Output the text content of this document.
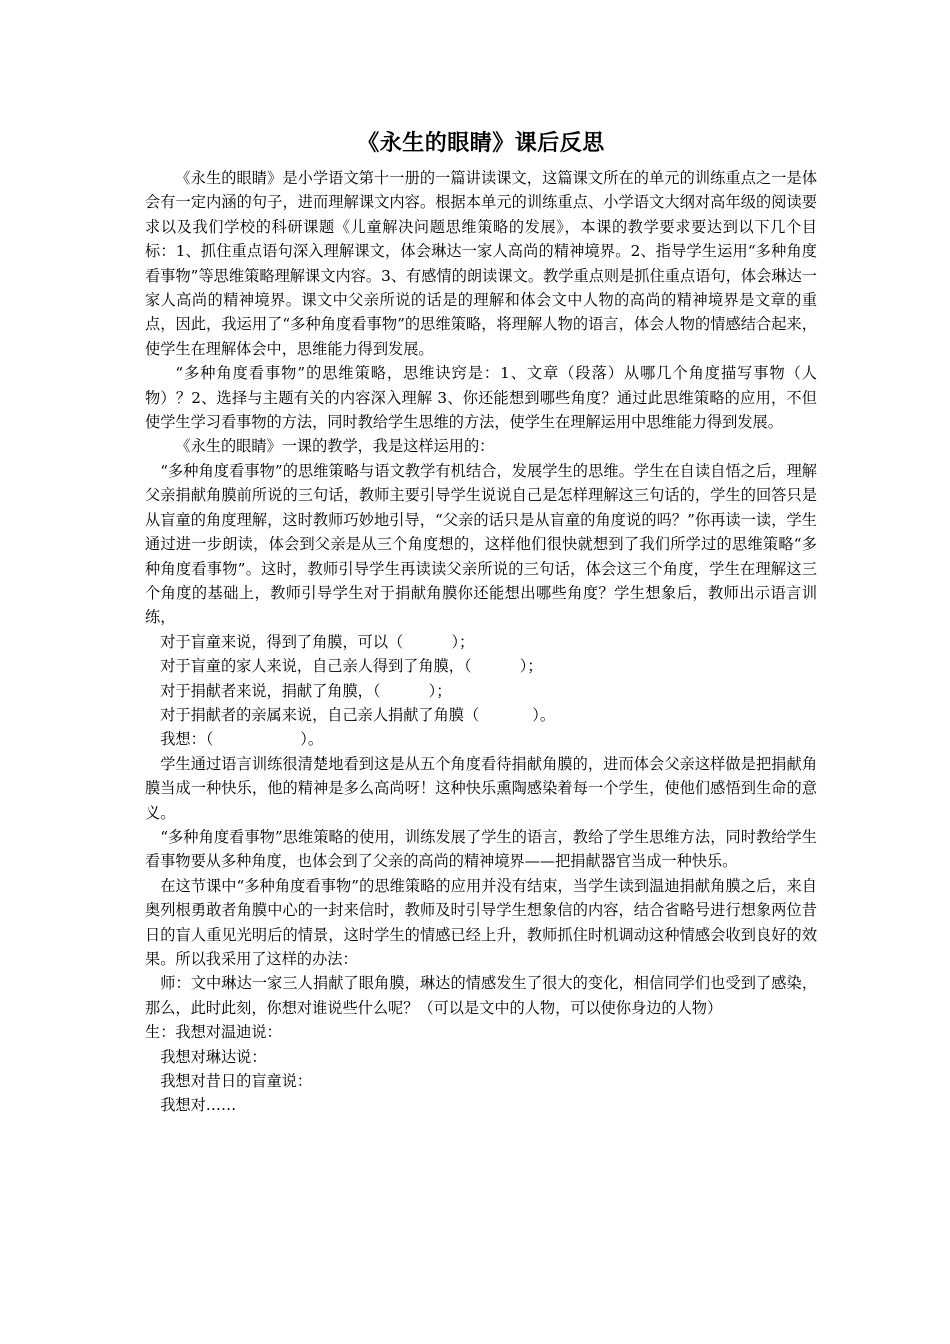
《永生的眼睛》课后反思

《永生的眼睛》是小学语文第十一册的一篇讲读课文，这篇课文所在的单元的训练重点之一是体会有一定内涵的句子，进而理解课文内容。根据本单元的训练重点、小学语文大纲对高年级的阅读要求以及我们学校的科研课题《儿童解决问题思维策略的发展》，本课的教学要求要达到以下几个目标：1、抓住重点语句深入理解课文，体会琳达一家人高尚的精神境界。2、指导学生运用“多种角度看事物”等思维策略理解课文内容。3、有感情的朗读课文。教学重点则是抓住重点语句，体会琳达一家人高尚的精神境界。课文中父亲所说的话是的理解和体会文中人物的高尚的精神境界是文章的重点，因此，我运用了“多种角度看事物”的思维策略，将理解人物的语言，体会人物的情感结合起来，使学生在理解体会中，思维能力得到发展。

“多种角度看事物”的思维策略，思维诀窍是：1、文章（段落）从哪几个角度描写事物（人物）？2、选择与主题有关的内容深入理解 3、你还能想到哪些角度？通过此思维策略的应用，不但使学生学习看事物的方法，同时教给学生思维的方法，使学生在理解运用中思维能力得到发展。

《永生的眼睛》一课的教学，我是这样运用的：

“多种角度看事物”的思维策略与语文教学有机结合，发展学生的思维。学生在自读自悟之后，理解父亲捐献角膜前所说的三句话，教师主要引导学生说说自己是怎样理解这三句话的，学生的回答只是从盲童的角度理解，这时教师巧妙地引导，“父亲的话只是从盲童的角度说的吗？”你再读一读，学生通过进一步朗读，体会到父亲是从三个角度想的，这样他们很快就想到了我们所学过的思维策略“多种角度看事物”。这时，教师引导学生再读读父亲所说的三句话，体会这三个角度，学生在理解这三个角度的基础上，教师引导学生对于捐献角膜你还能想出哪些角度？学生想象后，教师出示语言训练，

对于盲童来说，得到了角膜，可以（          ）；

对于盲童的家人来说，自己亲人得到了角膜，（          ）；

对于捐献者来说，捐献了角膜，（          ）；

对于捐献者的亲属来说，自己亲人捐献了角膜（           ）。

我想：（                  ）。

学生通过语言训练很清楚地看到这是从五个角度看待捐献角膜的，进而体会父亲这样做是把捐献角膜当成一种快乐，他的精神是多么高尚呀！这种快乐熏陶感染着每一个学生，使他们感悟到生命的意义。

“多种角度看事物”思维策略的使用，训练发展了学生的语言，教给了学生思维方法，同时教给学生看事物要从多种角度，也体会到了父亲的高尚的精神境界——把捐献器官当成一种快乐。

在这节课中“多种角度看事物”的思维策略的应用并没有结束，当学生读到温迪捐献角膜之后，来自奥列根勇敢者角膜中心的一封来信时，教师及时引导学生想象信的内容，结合省略号进行想象两位昔日的盲人重见光明后的情景，这时学生的情感已经上升，教师抓住时机调动这种情感会收到良好的效果。所以我采用了这样的办法：

师：文中琳达一家三人捐献了眼角膜，琳达的情感发生了很大的变化，相信同学们也受到了感染，那么，此时此刻，你想对谁说些什么呢？（可以是文中的人物，可以使你身边的人物）

生：我想对温迪说：

我想对琳达说：

我想对昔日的盲童说：

我想对……
